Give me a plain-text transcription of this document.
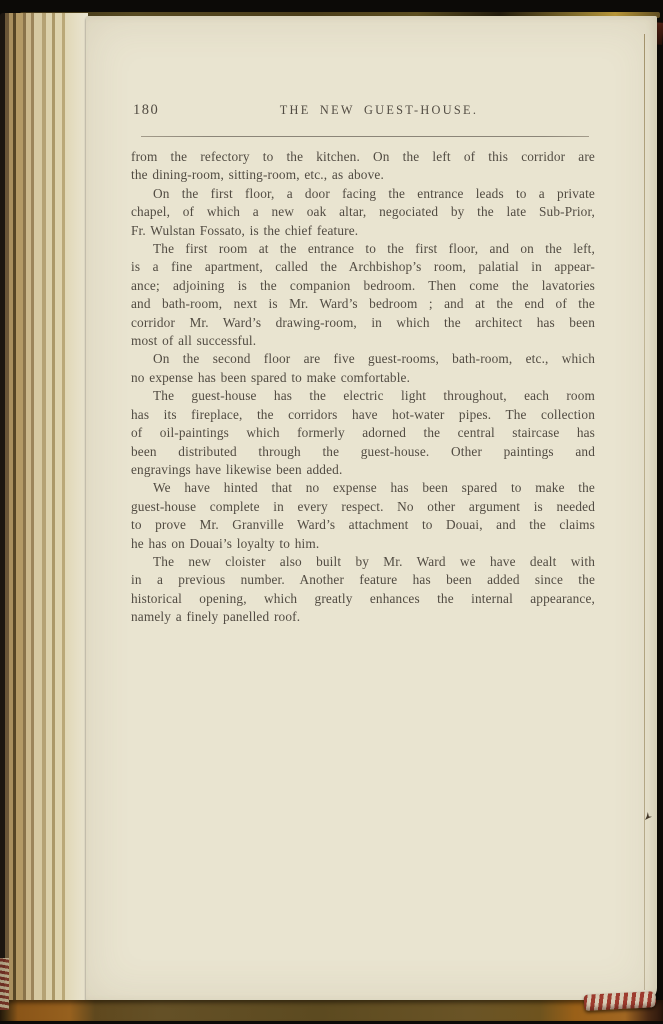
180	THE NEW GUEST-HOUSE.
from the refectory to the kitchen. On the left of this corridor are
the dining-room, sitting-room, etc., as above.
On the first floor, a door facing the entrance leads to a private
chapel, of which a new oak altar, negociated by the late Sub-Prior,
Fr. Wulstan Fossato, is the chief feature.
The first room at the entrance to the first floor, and on the left,
is a fine apartment, called the Archbishop’s room, palatial in appear-
ance; adjoining is the companion bedroom. Then come the lavatories
and bath-room, next is Mr. Ward’s bedroom ; and at the end of the
corridor Mr. Ward’s drawing-room, in which the architect has been
most of all successful.
On the second floor are five guest-rooms, bath-room, etc., which
no expense has been spared to make comfortable.
The guest-house has the electric light throughout, each room
has its fireplace, the corridors have hot-water pipes. The collection
of oil-paintings which formerly adorned the central staircase has
been distributed through the guest-house. Other paintings and
engravings have likewise been added.
We have hinted that no expense has been spared to make the
guest-house complete in every respect. No other argument is needed
to prove Mr. Granville Ward’s attachment to Douai, and the claims
he has on Douai’s loyalty to him.
The new cloister also built by Mr. Ward we have dealt with
in a previous number. Another feature has been added since the
historical opening, which greatly enhances the internal appearance,
namely a finely panelled roof.
